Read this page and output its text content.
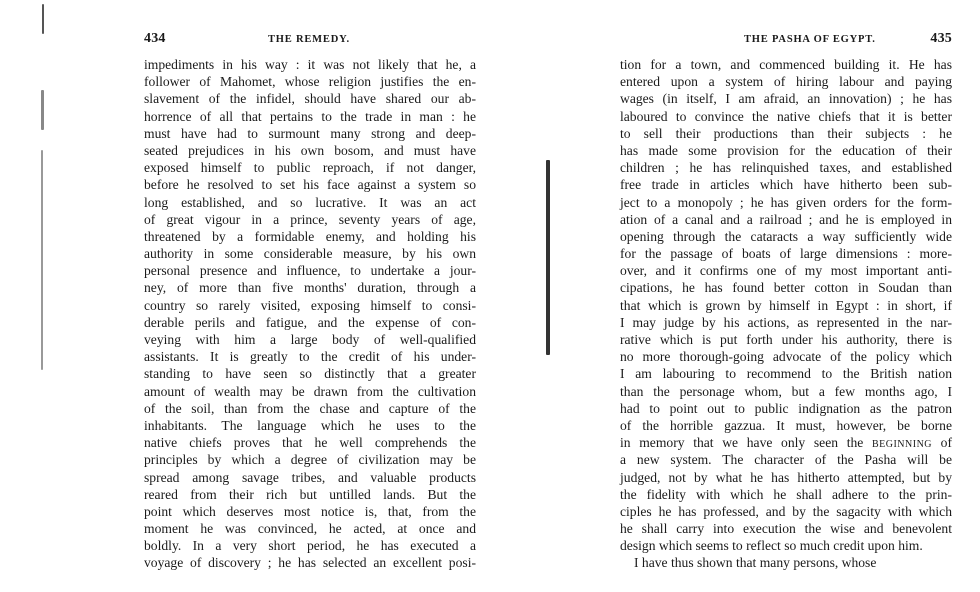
434	THE REMEDY.
impediments in his way : it was not likely that he, a
follower of Mahomet, whose religion justifies the en-
slavement of the infidel, should have shared our ab-
horrence of all that pertains to the trade in man : he
must have had to surmount many strong and deep-
seated prejudices in his own bosom, and must have
exposed himself to public reproach, if not danger,
before he resolved to set his face against a system so
long established, and so lucrative. It was an act
of great vigour in a prince, seventy years of age,
threatened by a formidable enemy, and holding his
authority in some considerable measure, by his own
personal presence and influence, to undertake a jour-
ney, of more than five months' duration, through a
country so rarely visited, exposing himself to consi-
derable perils and fatigue, and the expense of con-
veying with him a large body of well-qualified
assistants. It is greatly to the credit of his under-
standing to have seen so distinctly that a greater
amount of wealth may be drawn from the cultivation
of the soil, than from the chase and capture of the
inhabitants. The language which he uses to the
native chiefs proves that he well comprehends the
principles by which a degree of civilization may be
spread among savage tribes, and valuable products
reared from their rich but untilled lands. But the
point which deserves most notice is, that, from the
moment he was convinced, he acted, at once and
boldly. In a very short period, he has executed a
voyage of discovery ; he has selected an excellent posi-
THE PASHA OF EGYPT.	435
tion for a town, and commenced building it. He has
entered upon a system of hiring labour and paying
wages (in itself, I am afraid, an innovation) ; he has
laboured to convince the native chiefs that it is better
to sell their productions than their subjects : he
has made some provision for the education of their
children ; he has relinquished taxes, and established
free trade in articles which have hitherto been sub-
ject to a monopoly ; he has given orders for the form-
ation of a canal and a railroad ; and he is employed in
opening through the cataracts a way sufficiently wide
for the passage of boats of large dimensions : more-
over, and it confirms one of my most important anti-
cipations, he has found better cotton in Soudan than
that which is grown by himself in Egypt : in short, if
I may judge by his actions, as represented in the nar-
rative which is put forth under his authority, there is
no more thorough-going advocate of the policy which
I am labouring to recommend to the British nation
than the personage whom, but a few months ago, I
had to point out to public indignation as the patron
of the horrible gazzua. It must, however, be borne
in memory that we have only seen the beginning of
a new system. The character of the Pasha will be
judged, not by what he has hitherto attempted, but by
the fidelity with which he shall adhere to the prin-
ciples he has professed, and by the sagacity with which
he shall carry into execution the wise and benevolent
design which seems to reflect so much credit upon him.
I have thus shown that many persons, whose
